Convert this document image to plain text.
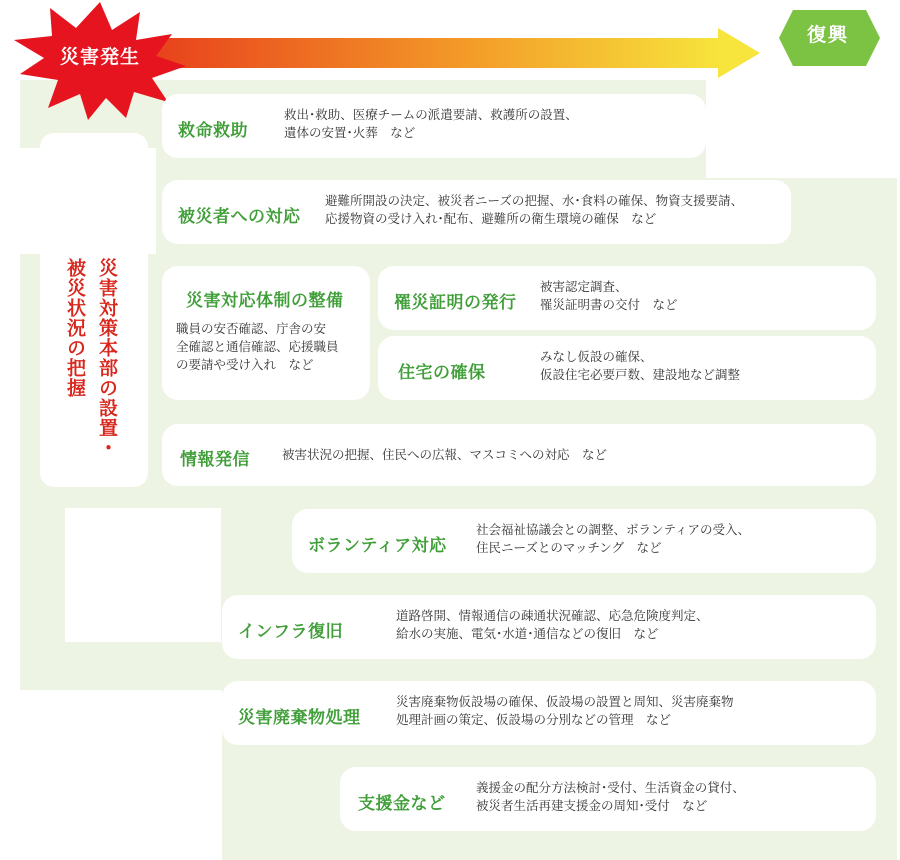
災害発生
復興
災害対策本部の設置・
被災状況の把握
救命救助
救出･救助、医療チームの派遣要請、救護所の設置、
遺体の安置･火葬　など
被災者への対応
避難所開設の決定、被災者ニーズの把握、水･食料の確保、物資支援要請、
応援物資の受け入れ･配布、避難所の衛生環境の確保　など
災害対応体制の整備
職員の安否確認、庁舎の安
全確認と通信確認、応援職員
の要請や受け入れ　など
罹災証明の発行
被害認定調査、
罹災証明書の交付　など
住宅の確保
みなし仮設の確保、
仮設住宅必要戸数、建設地など調整
情報発信	被害状況の把握、住民への広報、マスコミへの対応　など
ボランティア対応
社会福祉協議会との調整、ボランティアの受入、
住民ニーズとのマッチング　など
インフラ復旧
道路啓開、情報通信の疎通状況確認、応急危険度判定、
給水の実施、電気･水道･通信などの復旧　など
災害廃棄物処理
災害廃棄物仮設場の確保、仮設場の設置と周知、災害廃棄物
処理計画の策定、仮設場の分別などの管理　など
支援金など
義援金の配分方法検討･受付、生活資金の貸付、
被災者生活再建支援金の周知･受付　など
